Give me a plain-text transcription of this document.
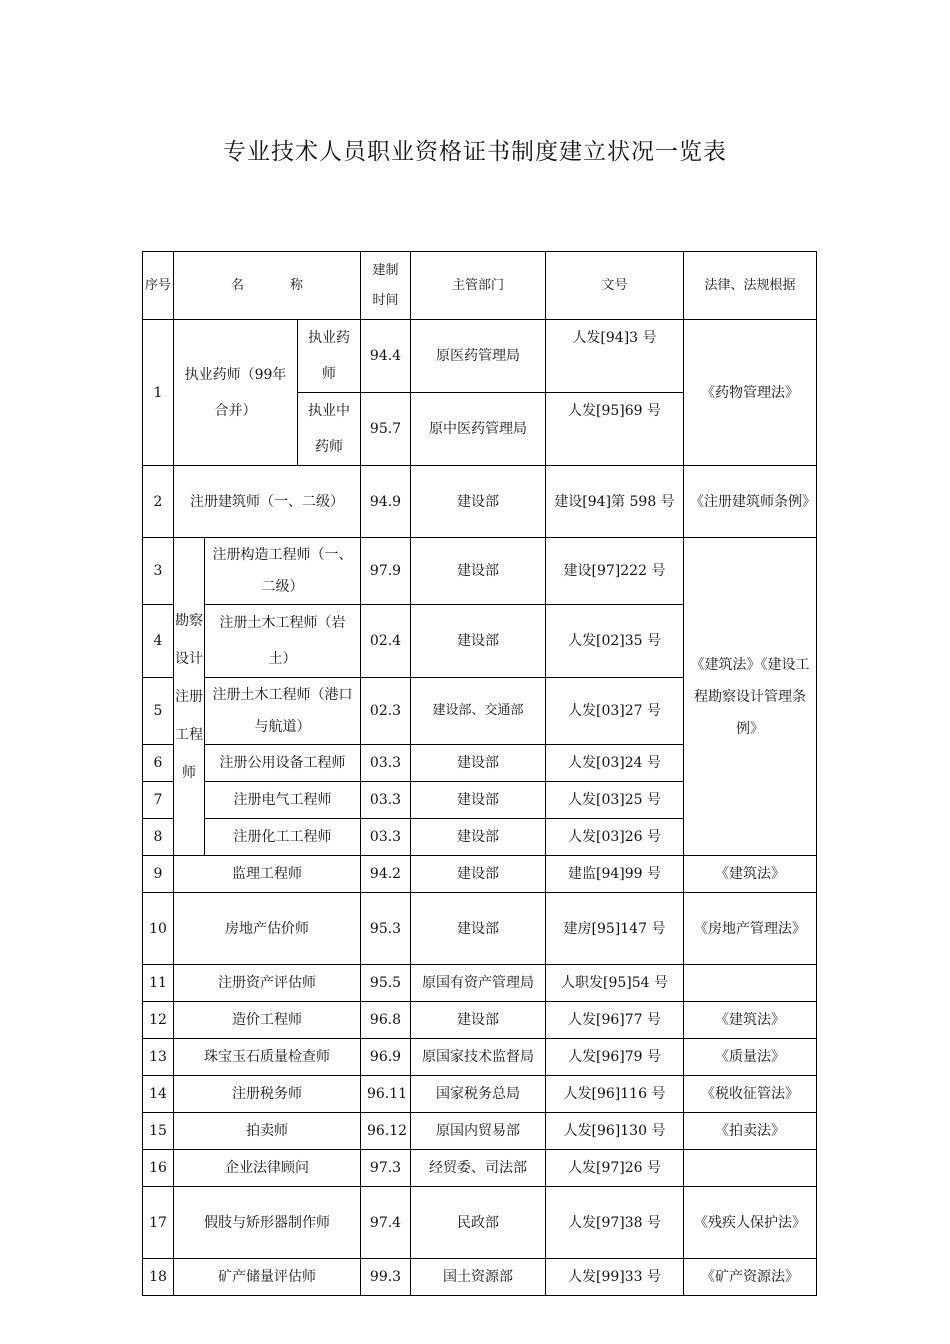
专业技术人员职业资格证书制度建立状况一览表
序号	名 称			建制时间	主管部门	文号	法律、法规根据
1	执业药师（99年合并）		执业药师	94.4	原医药管理局	人发[94]3 号	《药物管理法》
			执业中药师	95.7	原中医药管理局	人发[95]69 号	
2	注册建筑师（一、二级）			94.9	建设部	建设[94]第 598 号	《注册建筑师条例》
3	勘察设计注册工程师	注册构造工程师（一、二级）		97.9	建设部	建设[97]222 号	《建筑法》《建设工程勘察设计管理条例》
4		注册土木工程师（岩土）		02.4	建设部	人发[02]35 号	
5		注册土木工程师（港口与航道）		02.3	建设部、交通部	人发[03]27 号	
6		注册公用设备工程师		03.3	建设部	人发[03]24 号	
7		注册电气工程师		03.3	建设部	人发[03]25 号	
8		注册化工工程师		03.3	建设部	人发[03]26 号	
9	监理工程师			94.2	建设部	建监[94]99 号	《建筑法》
10	房地产估价师			95.3	建设部	建房[95]147 号	《房地产管理法》
11	注册资产评估师			95.5	原国有资产管理局	人职发[95]54 号	
12	造价工程师			96.8	建设部	人发[96]77 号	《建筑法》
13	珠宝玉石质量检查师			96.9	原国家技术监督局	人发[96]79 号	《质量法》
14	注册税务师			96.11	国家税务总局	人发[96]116 号	《税收征管法》
15	拍卖师			96.12	原国内贸易部	人发[96]130 号	《拍卖法》
16	企业法律顾问			97.3	经贸委、司法部	人发[97]26 号	
17	假肢与矫形器制作师			97.4	民政部	人发[97]38 号	《残疾人保护法》
18	矿产储量评估师			99.3	国土资源部	人发[99]33 号	《矿产资源法》
